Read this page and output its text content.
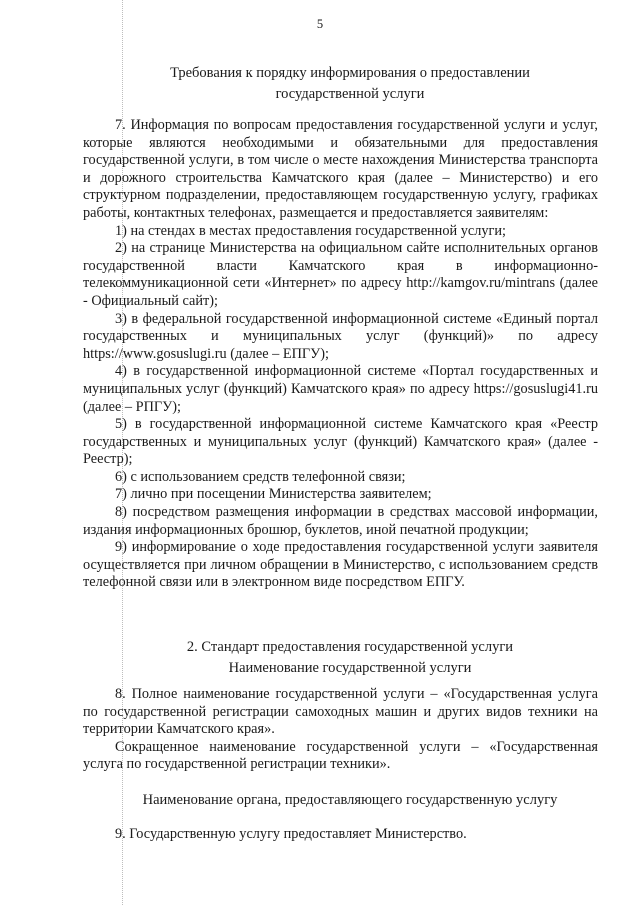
5
Требования к порядку информирования о предоставлении
государственной услуги

7. Информация по вопросам предоставления государственной услуги и услуг, которые являются необходимыми и обязательными для предоставления государственной услуги, в том числе о месте нахождения Министерства транспорта и дорожного строительства Камчатского края (далее – Министерство) и его структурном подразделении, предоставляющем государственную услугу, графиках работы, контактных телефонах, размещается и предоставляется заявителям:

1) на стендах в местах предоставления государственной услуги;

2) на странице Министерства на официальном сайте исполнительных органов государственной власти Камчатского края в информационно-телекоммуникационной сети «Интернет» по адресу http://kamgov.ru/mintrans (далее - Официальный сайт);

3) в федеральной государственной информационной системе «Единый портал государственных и муниципальных услуг (функций)» по адресу https://www.gosuslugi.ru (далее – ЕПГУ);

4) в государственной информационной системе «Портал государственных и муниципальных услуг (функций) Камчатского края» по адресу https://gosuslugi41.ru (далее – РПГУ);

5) в государственной информационной системе Камчатского края «Реестр государственных и муниципальных услуг (функций) Камчатского края» (далее - Реестр);

6) с использованием средств телефонной связи;

7) лично при посещении Министерства заявителем;

8) посредством размещения информации в средствах массовой информации, издания информационных брошюр, буклетов, иной печатной продукции;

9) информирование о ходе предоставления государственной услуги заявителя осуществляется при личном обращении в Министерство, с использованием средств телефонной связи или в электронном виде посредством ЕПГУ.

2. Стандарт предоставления государственной услуги
Наименование государственной услуги

8. Полное наименование государственной услуги – «Государственная услуга по государственной регистрации самоходных машин и других видов техники на территории Камчатского края».

Сокращенное наименование государственной услуги – «Государственная услуга по государственной регистрации техники».

Наименование органа, предоставляющего государственную услугу

9. Государственную услугу предоставляет Министерство.
